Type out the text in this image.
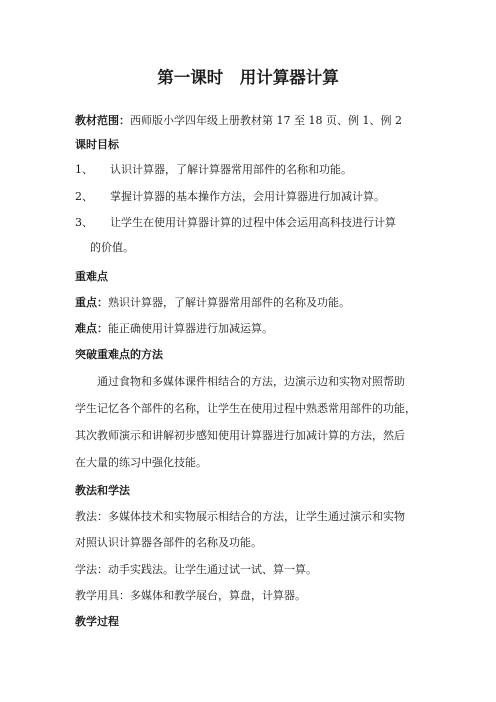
第一课时　用计算器计算
教材范围：西师版小学四年级上册教材第 17 至 18 页、例 1、例 2
课时目标
1、 认识计算器，了解计算器常用部件的名称和功能。
2、 掌握计算器的基本操作方法，会用计算器进行加减计算。
3、 让学生在使用计算器计算的过程中体会运用高科技进行计算
的价值。
重难点
重点：熟识计算器，了解计算器常用部件的名称及功能。
难点：能正确使用计算器进行加减运算。
突破重难点的方法
通过食物和多媒体课件相结合的方法，边演示边和实物对照帮助
学生记忆各个部件的名称，让学生在使用过程中熟悉常用部件的功能，
其次教师演示和讲解初步感知使用计算器进行加减计算的方法，然后
在大量的练习中强化技能。
教法和学法
教法：多媒体技术和实物展示相结合的方法，让学生通过演示和实物
对照认识计算器各部件的名称及功能。
学法：动手实践法。让学生通过试一试、算一算。
教学用具：多媒体和教学展台，算盘，计算器。
教学过程
